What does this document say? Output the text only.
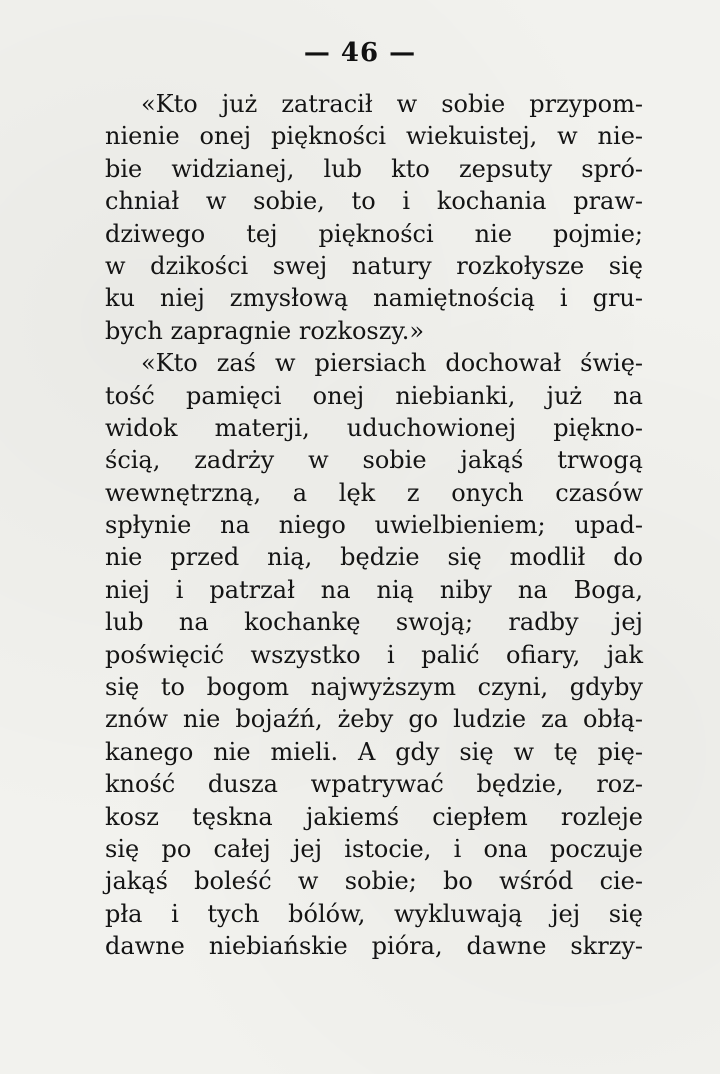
— 46 —
«Kto już zatracił w sobie przypom-
nienie onej piękności wiekuistej, w nie-
bie widzianej, lub kto zepsuty spró-
chniał w sobie, to i kochania praw-
dziwego tej piękności nie pojmie;
w dzikości swej natury rozkołysze się
ku niej zmysłową namiętnością i gru-
bych zapragnie rozkoszy.»
«Kto zaś w piersiach dochował świę-
tość pamięci onej niebianki, już na
widok materji, uduchowionej piękno-
ścią, zadrży w sobie jakąś trwogą
wewnętrzną, a lęk z onych czasów
spłynie na niego uwielbieniem; upad-
nie przed nią, będzie się modlił do
niej i patrzał na nią niby na Boga,
lub na kochankę swoją; radby jej
poświęcić wszystko i palić ofiary, jak
się to bogom najwyższym czyni, gdyby
znów nie bojaźń, żeby go ludzie za obłą-
kanego nie mieli. A gdy się w tę pię-
kność dusza wpatrywać będzie, roz-
kosz tęskna jakiemś ciepłem rozleje
się po całej jej istocie, i ona poczuje
jakąś boleść w sobie; bo wśród cie-
pła i tych bólów, wykluwają jej się
dawne niebiańskie pióra, dawne skrzy-
